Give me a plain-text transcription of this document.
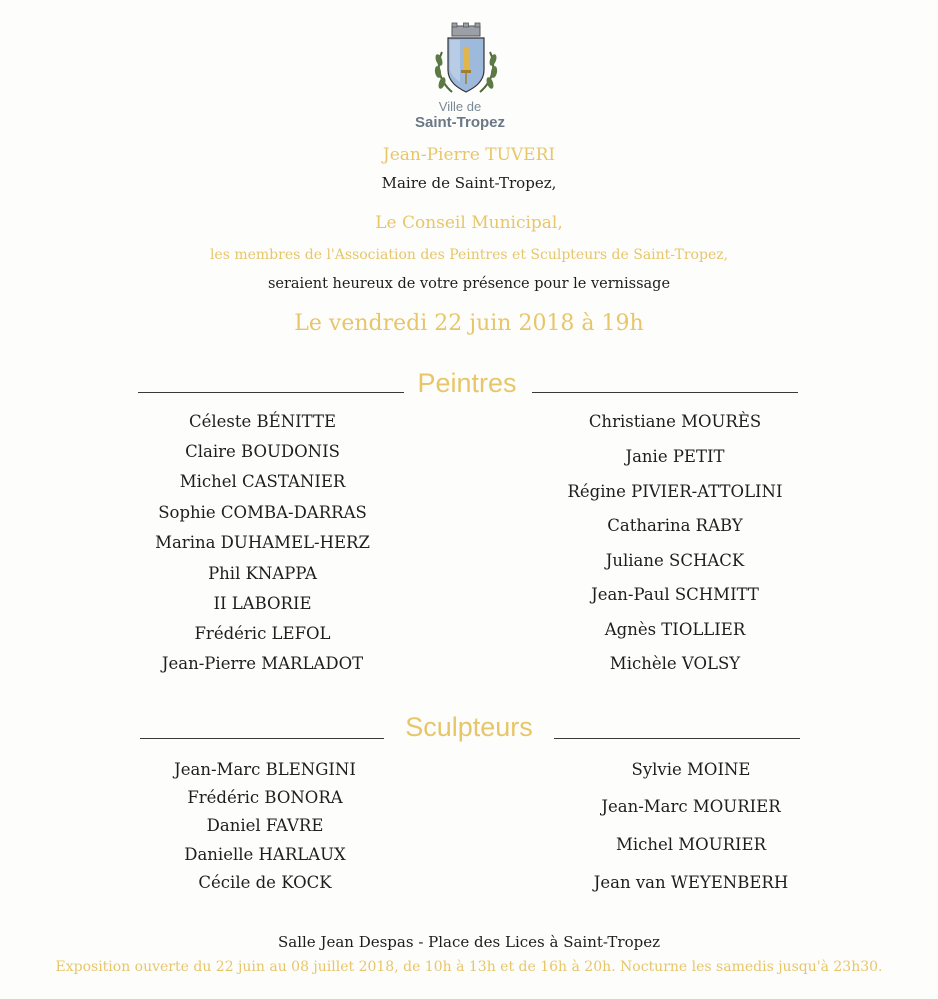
Ville de
Saint-Tropez
Jean-Pierre TUVERI
Maire de Saint-Tropez,
Le Conseil Municipal,
les membres de l'Association des Peintres et Sculpteurs de Saint-Tropez,
seraient heureux de votre présence pour le vernissage
Le vendredi 22 juin 2018 à 19h
Peintres
Céleste BÉNITTE
Claire BOUDONIS
Michel CASTANIER
Sophie COMBA-DARRAS
Marina DUHAMEL-HERZ
Phil KNAPPA
II LABORIE
Frédéric LEFOL
Jean-Pierre MARLADOT
Christiane MOURÈS
Janie PETIT
Régine PIVIER-ATTOLINI
Catharina RABY
Juliane SCHACK
Jean-Paul SCHMITT
Agnès TIOLLIER
Michèle VOLSY
Sculpteurs
Jean-Marc BLENGINI
Frédéric BONORA
Daniel FAVRE
Danielle HARLAUX
Cécile de KOCK
Sylvie MOINE
Jean-Marc MOURIER
Michel MOURIER
Jean van WEYENBERH
Salle Jean Despas - Place des Lices à Saint-Tropez
Exposition ouverte du 22 juin au 08 juillet 2018, de 10h à 13h et de 16h à 20h. Nocturne les samedis jusqu'à 23h30.
